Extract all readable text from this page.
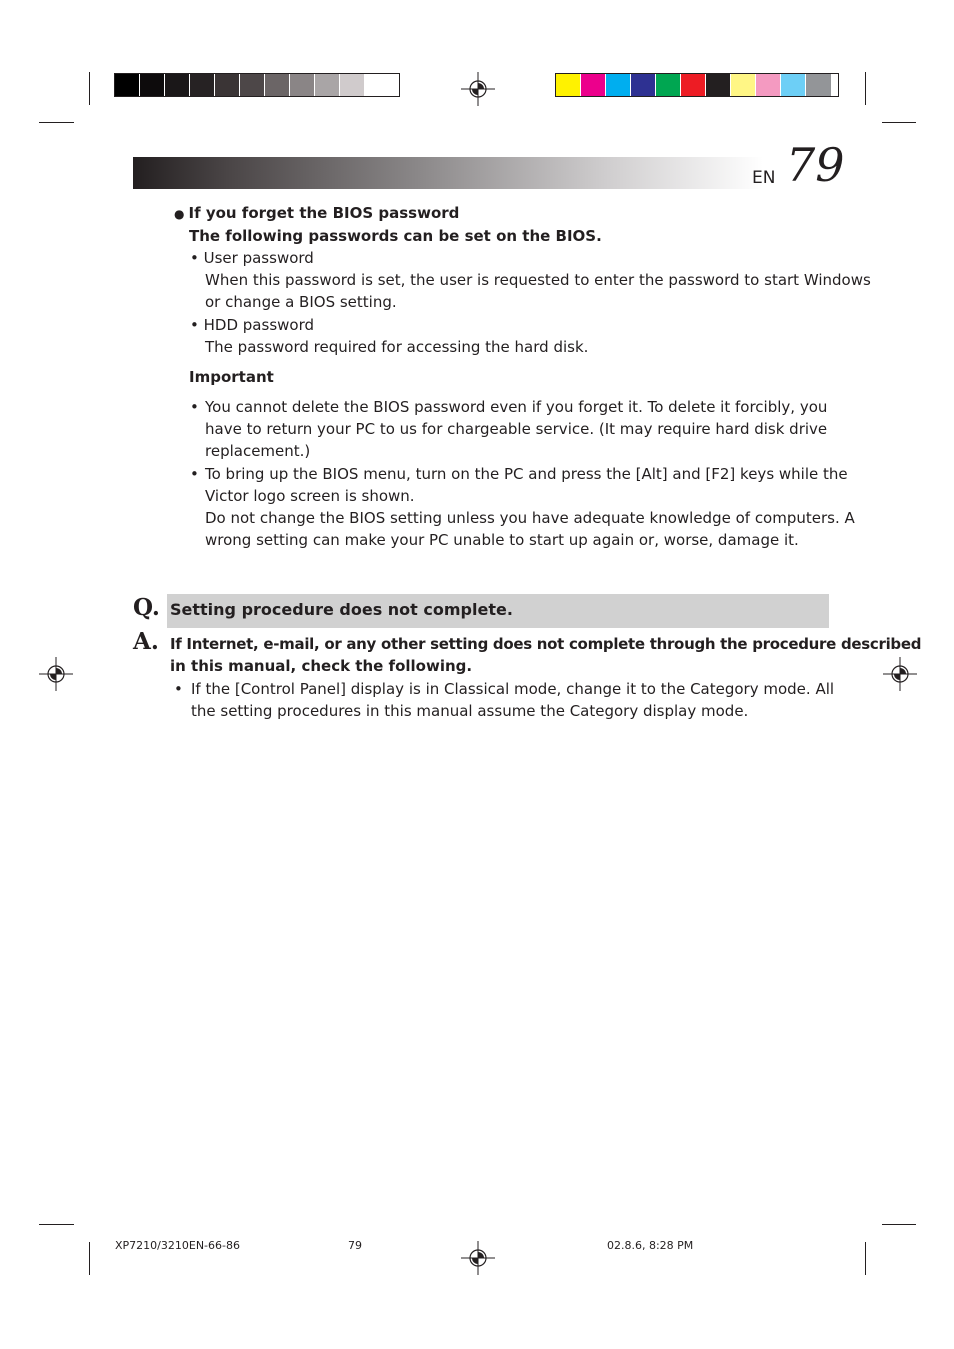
EN 79
● If you forget the BIOS password
The following passwords can be set on the BIOS.
• User password
When this password is set, the user is requested to enter the password to start Windows
or change a BIOS setting.
• HDD password
The password required for accessing the hard disk.
Important
• You cannot delete the BIOS password even if you forget it. To delete it forcibly, you
have to return your PC to us for chargeable service. (It may require hard disk drive
replacement.)
• To bring up the BIOS menu, turn on the PC and press the [Alt] and [F2] keys while the
Victor logo screen is shown.
Do not change the BIOS setting unless you have adequate knowledge of computers. A
wrong setting can make your PC unable to start up again or, worse, damage it.
Q. Setting procedure does not complete.
A. If Internet, e-mail, or any other setting does not complete through the procedure described
in this manual, check the following.
• If the [Control Panel] display is in Classical mode, change it to the Category mode. All
the setting procedures in this manual assume the Category display mode.
XP7210/3210EN-66-86	79	02.8.6, 8:28 PM
